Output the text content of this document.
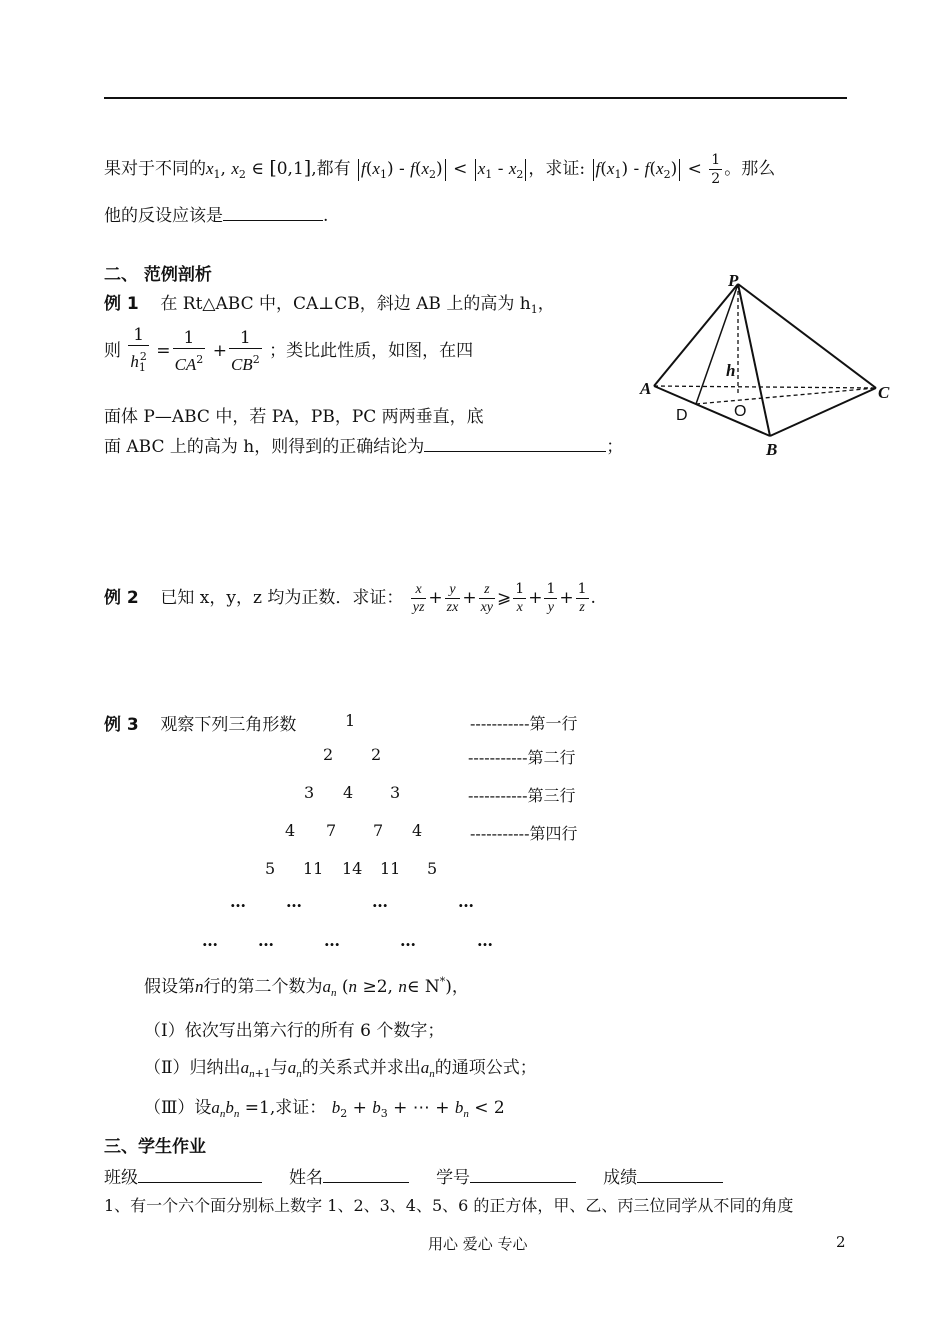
果对于不同的$x_1$, $x_2$ ∈ [0,1],都有 $f(x_1) - f(x_2) < x_1 - x_2$ ，求证: $f(x_1) - f(x_2) < \frac{1}{2}$ 。那么
他的反设应该是	.
二、 范例剖析
例 1 在 Rt△ABC 中，CA⊥CB，斜边 AB 上的高为 $h_1$，
则 $\frac{1}{h_1^2} = \frac{1}{CA^2} + \frac{1}{CB^2}$ ；类比此性质，如图，在四
面体 P—ABC 中，若 PA，PB，PC 两两垂直，底
面 ABC 上的高为 h，则得到的正确结论为	；
P
A
B
C
h
D	O
例 2 已知 x，y，z 均为正数．求证： $\frac{x}{yz} + \frac{y}{zx} + \frac{z}{xy}$ ⩾ $\frac{1}{x} + \frac{1}{y} + \frac{1}{z}$ .
例 3 观察下列三角形数	1	-----------第一行
2 2	-----------第二行
3 4 3	-----------第三行
4 7 7 4	-----------第四行
5 11 14 11 5
… …	…	…
… …	…	…	…
假设第n行的第二个数为$a_n$ (n ≥2, n∈ N*)，
（Ⅰ）依次写出第六行的所有 6 个数字；
（Ⅱ）归纳出$a_{n+1}$与$a_n$的关系式并求出$a_n$的通项公式；
（Ⅲ）设$a_nb_n =1$,求证： $b_2 + b_3$ + ⋯ + $b_n < 2$
三、学生作业
班级	姓名	学号	成绩
1、有一个六个面分别标上数字 1、2、3、4、5、6 的正方体，甲、乙、丙三位同学从不同的角度
用心 爱心 专心	2
